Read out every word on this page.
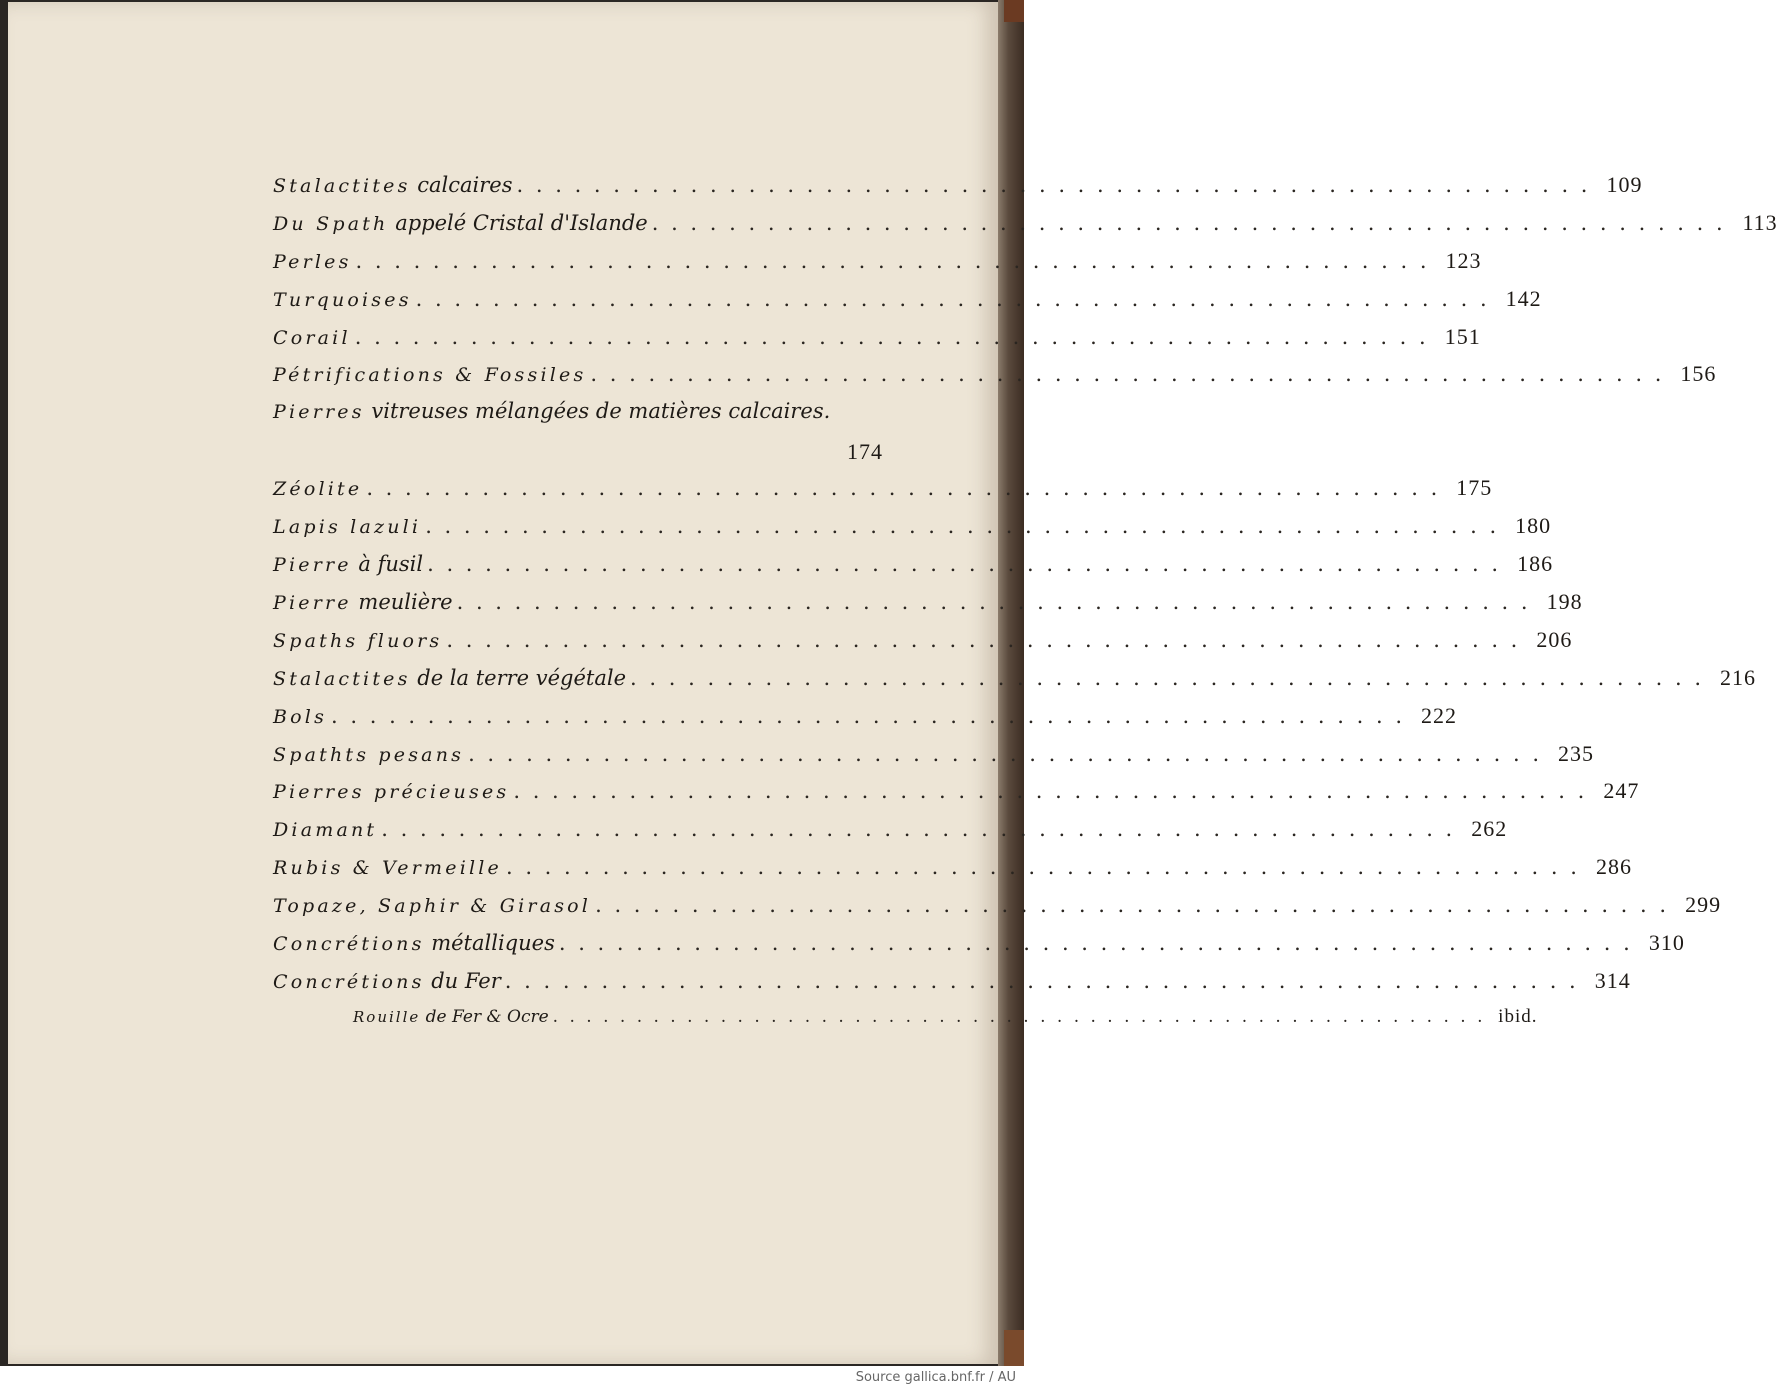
Stalactites calcaires . . .	109
Du Spath appelé Cristal d'Islande . . .	113
Perles . . .	123
Turquoises . . .	142
Corail . . .	151
Pétrifications & Fossiles . . .	156
Pierres vitreuses mélangées de matières calcaires.
174
Zéolite . . .	175
Lapis lazuli . . .	180
Pierre à fusil . . .	186
Pierre meulière . . .	198
Spaths fluors . . .	206
Stalactites de la terre végétale . . .	216
Bols . . .	222
Spathts pesans . . .	235
Pierres précieuses . . .	247
Diamant . . .	262
Rubis & Vermeille . . .	286
Topaze, Saphir & Girasol . . .	299
Concrétions métalliques . . .	310
Concrétions du Fer . . .	314
Rouille de Fer & Ocre . . .	ibid.
Source gallica.bnf.fr / AU
